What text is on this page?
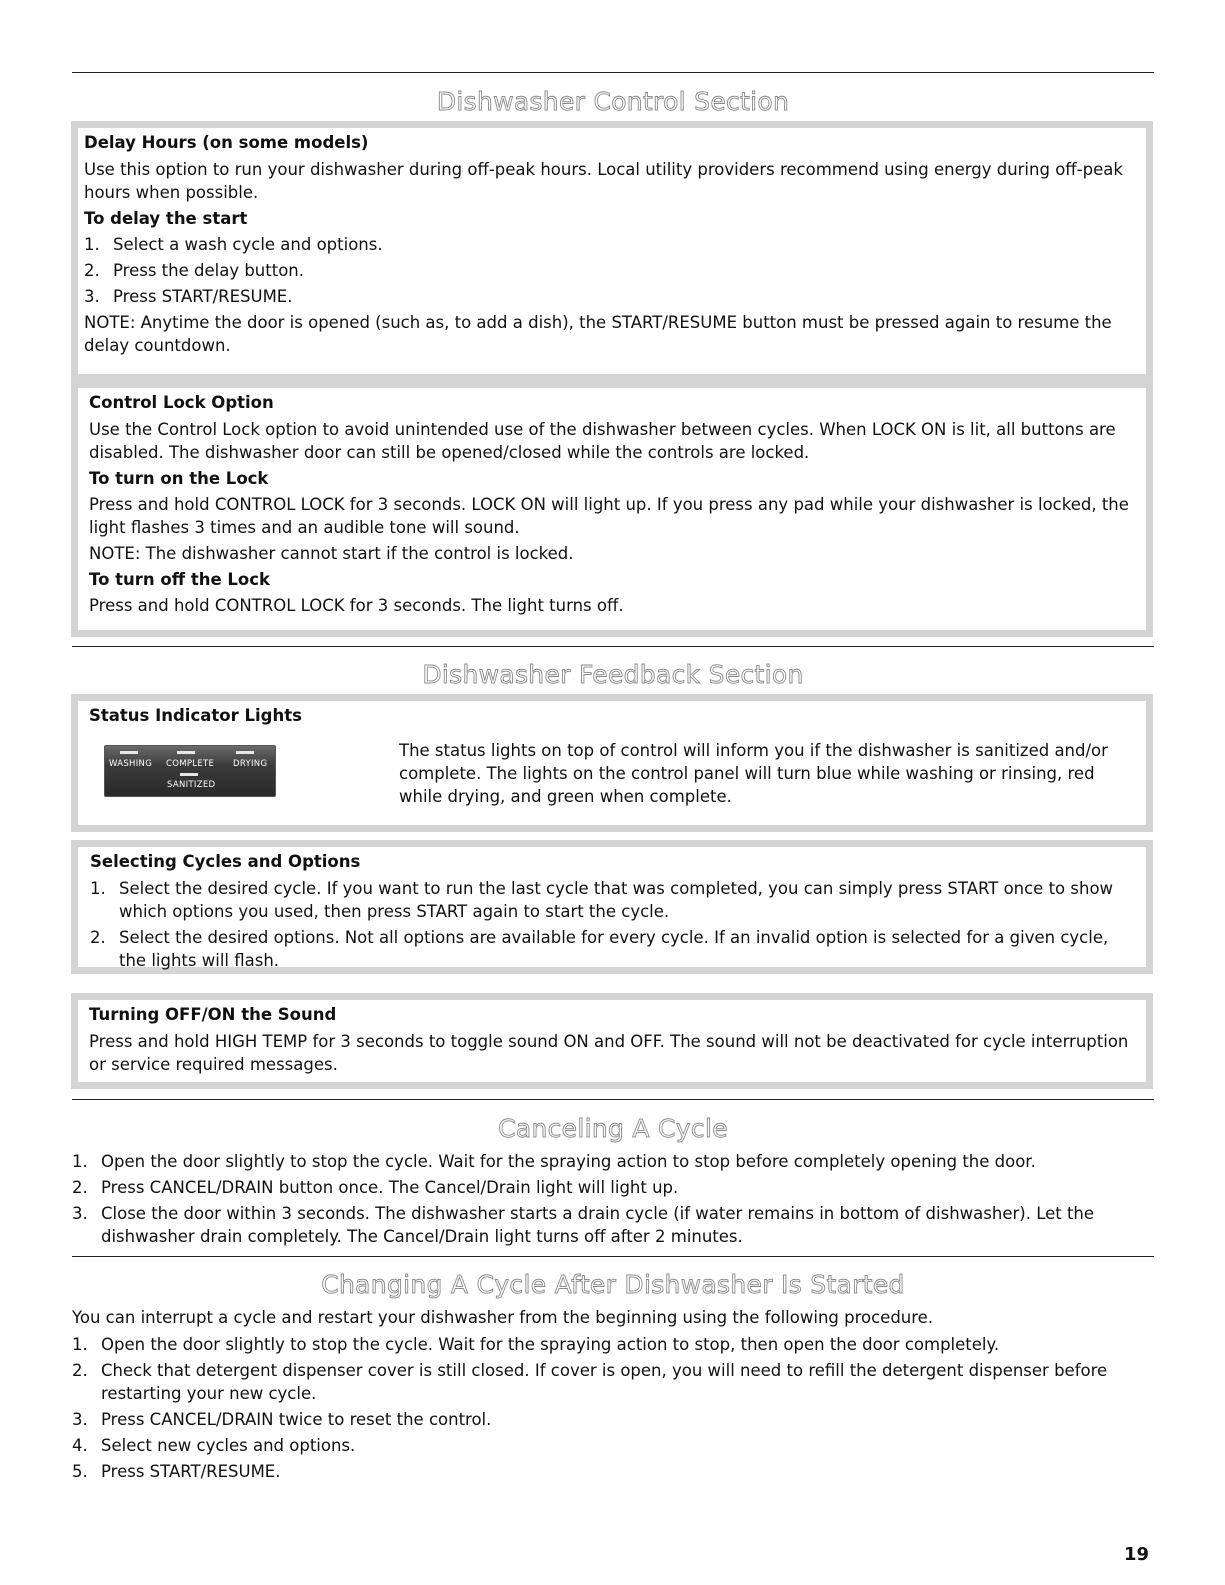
Dishwasher Control Section
Delay Hours (on some models)
Use this option to run your dishwasher during off-peak hours. Local utility providers recommend using energy during off-peak hours when possible.
To delay the start
1. Select a wash cycle and options.
2. Press the delay button.
3. Press START/RESUME.
NOTE: Anytime the door is opened (such as, to add a dish), the START/RESUME button must be pressed again to resume the delay countdown.
Control Lock Option
Use the Control Lock option to avoid unintended use of the dishwasher between cycles. When LOCK ON is lit, all buttons are disabled. The dishwasher door can still be opened/closed while the controls are locked.
To turn on the Lock
Press and hold CONTROL LOCK for 3 seconds. LOCK ON will light up. If you press any pad while your dishwasher is locked, the light flashes 3 times and an audible tone will sound.
NOTE: The dishwasher cannot start if the control is locked.
To turn off the Lock
Press and hold CONTROL LOCK for 3 seconds. The light turns off.
Dishwasher Feedback Section
Status Indicator Lights
WASHING COMPLETE DRYING
SANITIZED
The status lights on top of control will inform you if the dishwasher is sanitized and/or complete. The lights on the control panel will turn blue while washing or rinsing, red while drying, and green when complete.
Selecting Cycles and Options
1. Select the desired cycle. If you want to run the last cycle that was completed, you can simply press START once to show which options you used, then press START again to start the cycle.
2. Select the desired options. Not all options are available for every cycle. If an invalid option is selected for a given cycle, the lights will flash.
Turning OFF/ON the Sound
Press and hold HIGH TEMP for 3 seconds to toggle sound ON and OFF. The sound will not be deactivated for cycle interruption or service required messages.
Canceling A Cycle
1. Open the door slightly to stop the cycle. Wait for the spraying action to stop before completely opening the door.
2. Press CANCEL/DRAIN button once. The Cancel/Drain light will light up.
3. Close the door within 3 seconds. The dishwasher starts a drain cycle (if water remains in bottom of dishwasher). Let the dishwasher drain completely. The Cancel/Drain light turns off after 2 minutes.
Changing A Cycle After Dishwasher Is Started
You can interrupt a cycle and restart your dishwasher from the beginning using the following procedure.
1. Open the door slightly to stop the cycle. Wait for the spraying action to stop, then open the door completely.
2. Check that detergent dispenser cover is still closed. If cover is open, you will need to refill the detergent dispenser before restarting your new cycle.
3. Press CANCEL/DRAIN twice to reset the control.
4. Select new cycles and options.
5. Press START/RESUME.
19
